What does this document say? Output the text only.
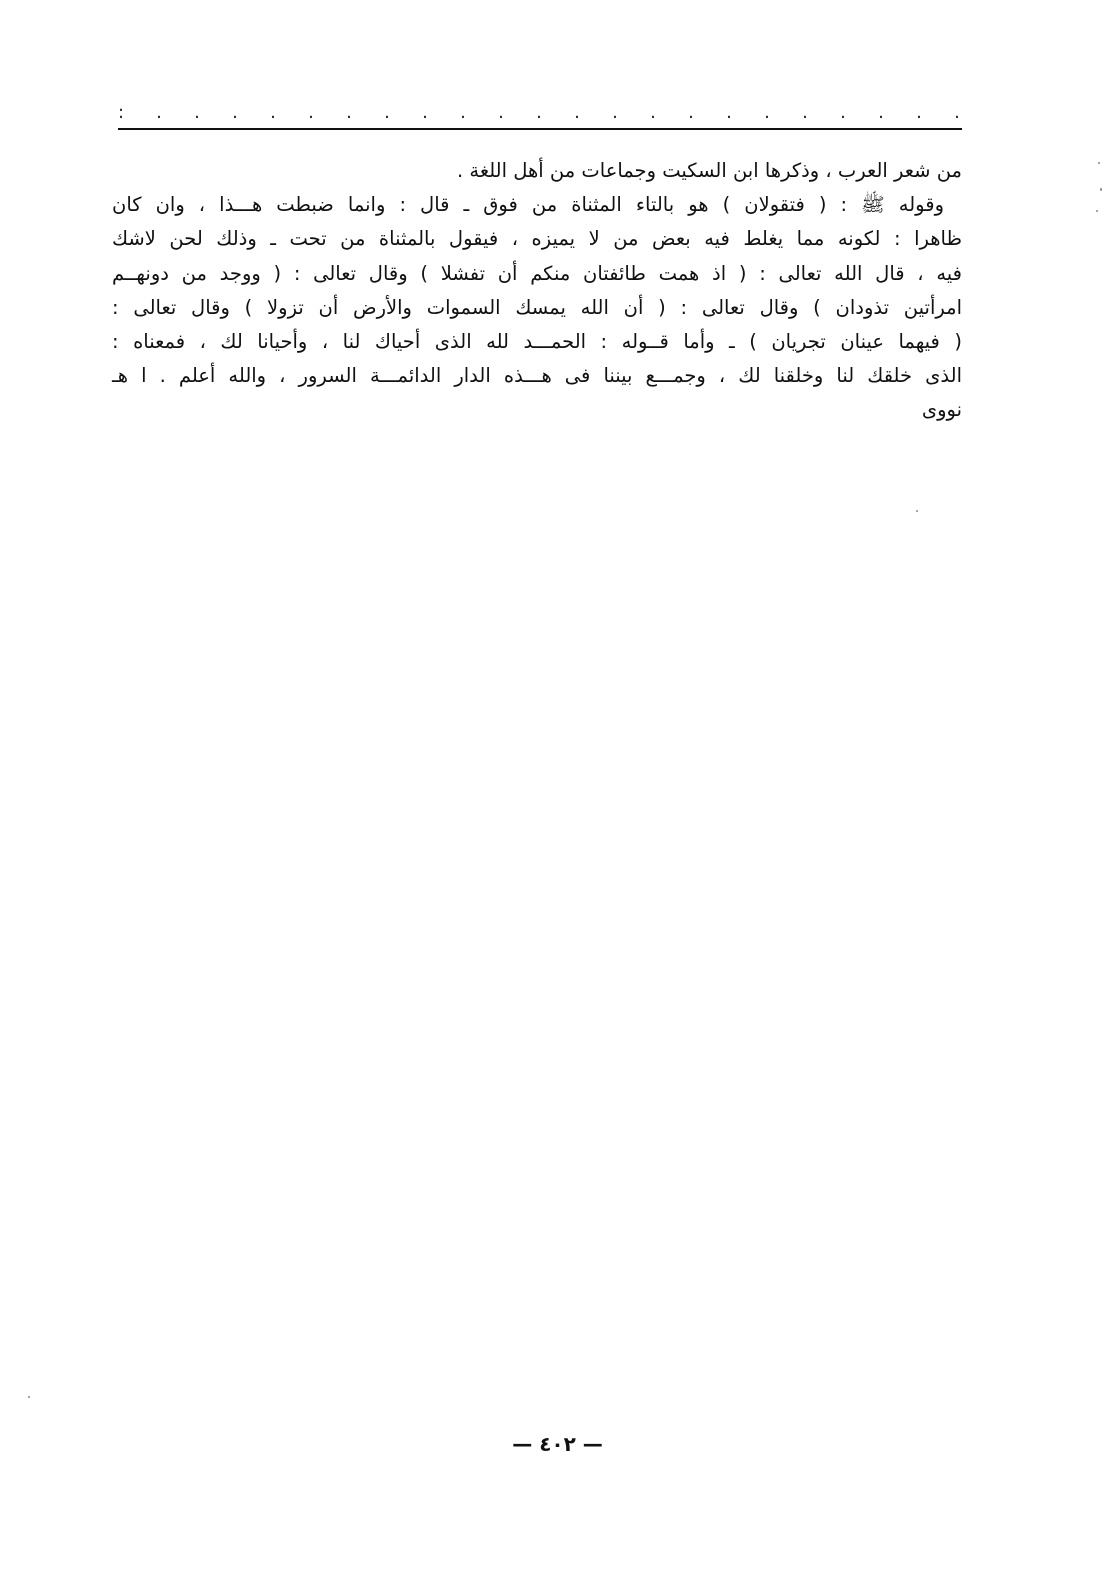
: . . . . . . . . . . . . . . . . . . . . . .
من شعر العرب ، وذكرها ابن السكيت وجماعات من أهل اللغة .
وقوله ﷺ : ( فتقولان ) هو بالتاء المثناة من فوق ـ قال : وانما ضبطت هـــذا ، وان كان
ظاهرا : لكونه مما يغلط فيه بعض من لا يميزه ، فيقول بالمثناة من تحت ـ وذلك لحن لاشك
فيه ، قال الله تعالى : ( اذ همت طائفتان منكم أن تفشلا ) وقال تعالى : ( ووجد من دونهــم
امرأتين تذودان ) وقال تعالى : ( أن الله يمسك السموات والأرض أن تزولا ) وقال تعالى :
( فيهما عينان تجريان ) ـ وأما قــوله : الحمـــد لله الذى أحياك لنا ، وأحيانا لك ، فمعناه :
الذى خلقك لنا وخلقنا لك ، وجمـــع بيننا فى هـــذه الدار الدائمـــة السرور ، والله أعلم . ا هـ
نووى
— ٤٠٢ —
